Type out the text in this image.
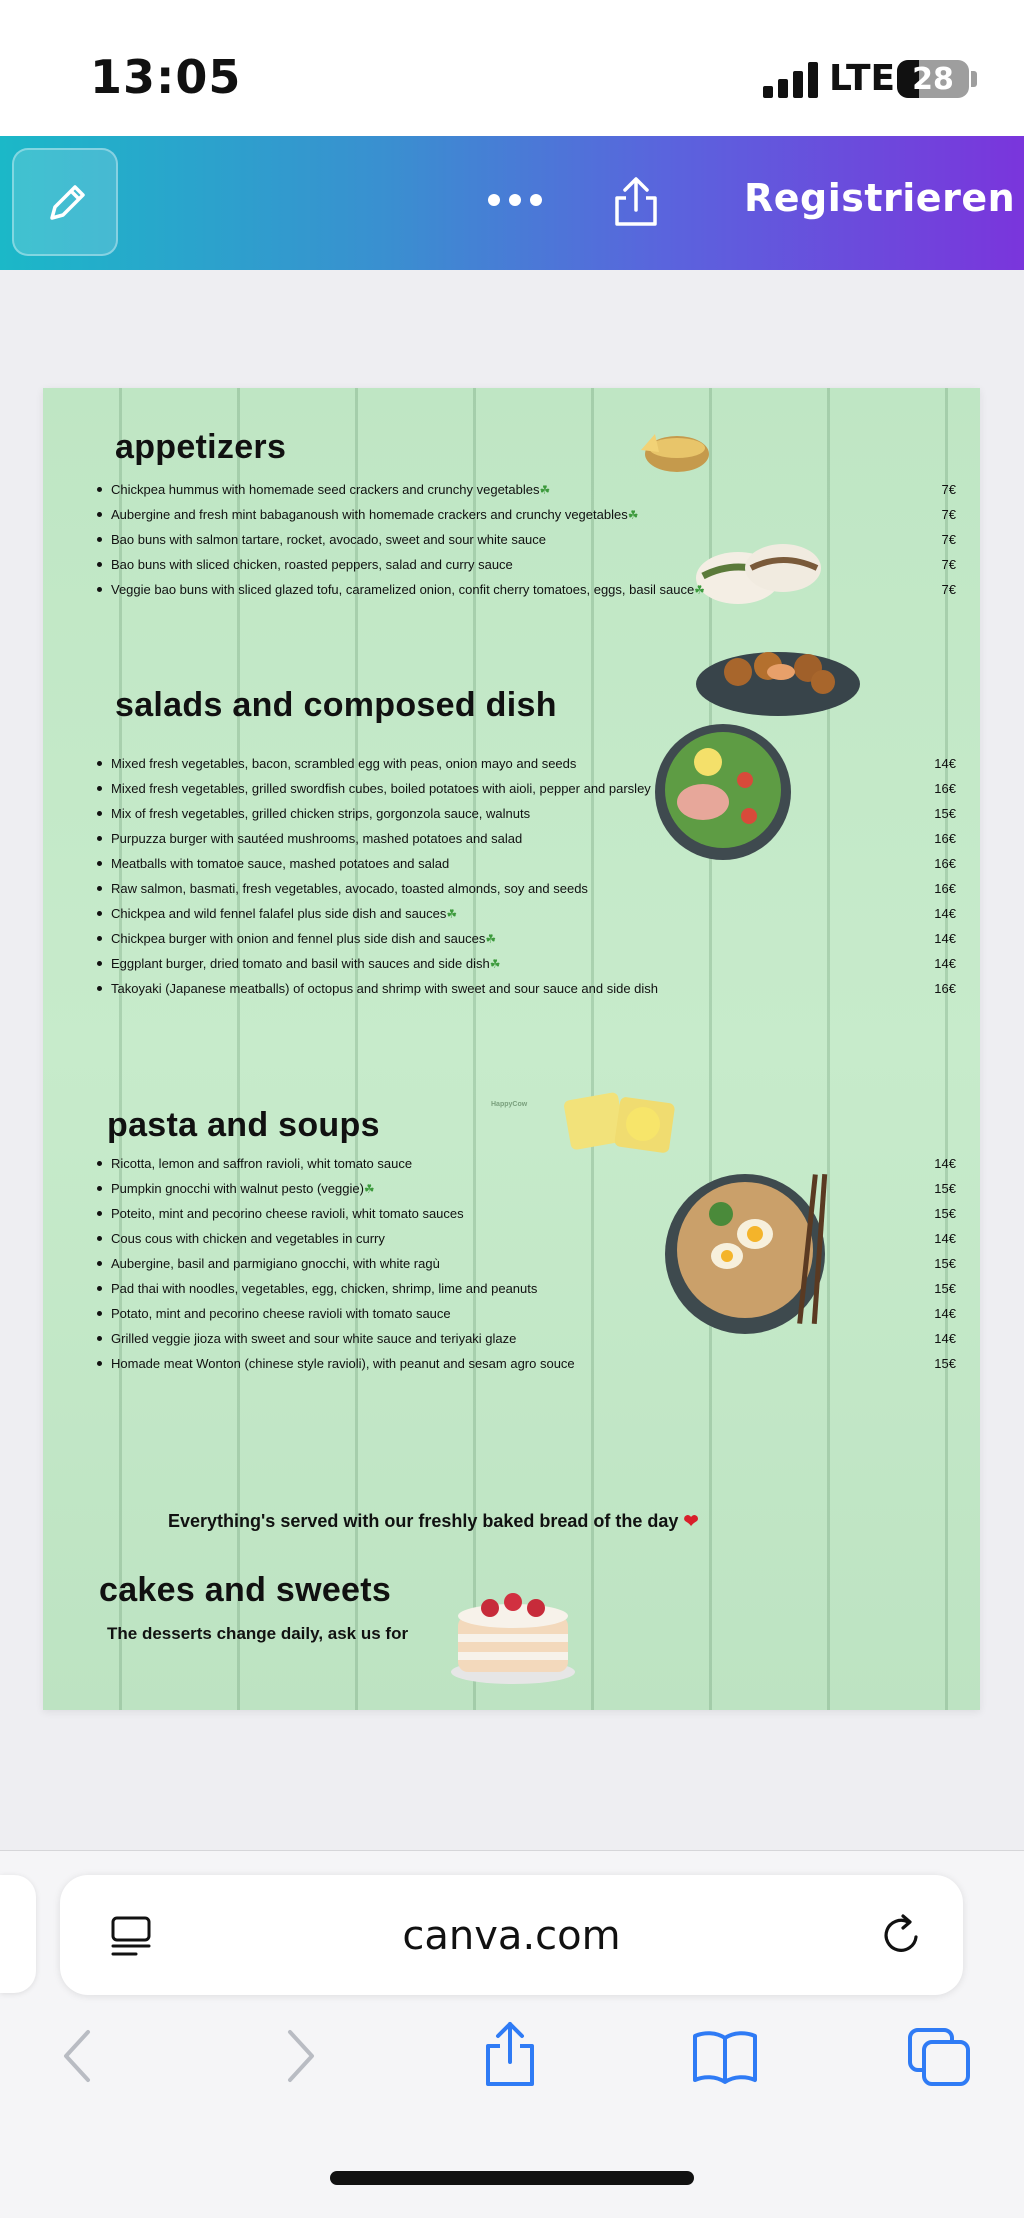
13:05	LTE 28
Registrieren
appetizers
Chickpea hummus with homemade seed crackers and crunchy vegetables☘	7€
Aubergine and fresh mint babaganoush with homemade crackers and crunchy vegetables☘	7€
Bao buns with salmon tartare, rocket, avocado, sweet and sour white sauce	7€
Bao buns with sliced chicken, roasted peppers, salad and curry sauce	7€
Veggie bao buns with sliced glazed tofu, caramelized onion, confit cherry tomatoes, eggs, basil sauce☘	7€
salads and composed dish
Mixed fresh vegetables, bacon, scrambled egg with peas, onion mayo and seeds	14€
Mixed fresh vegetables, grilled swordfish cubes, boiled potatoes with aioli, pepper and parsley	16€
Mix of fresh vegetables, grilled chicken strips, gorgonzola sauce, walnuts	15€
Purpuzza burger with sautéed mushrooms, mashed potatoes and salad	16€
Meatballs with tomatoe sauce, mashed potatoes and salad	16€
Raw salmon, basmati, fresh vegetables, avocado, toasted almonds, soy and seeds	16€
Chickpea and wild fennel falafel plus side dish and sauces☘	14€
Chickpea burger with onion and fennel plus side dish and sauces☘	14€
Eggplant burger, dried tomato and basil with sauces and side dish☘	14€
Takoyaki (Japanese meatballs) of octopus and shrimp with sweet and sour sauce and side dish	16€
pasta and soups
Ricotta, lemon and saffron ravioli, whit tomato sauce	14€
Pumpkin gnocchi with walnut pesto (veggie)☘	15€
Poteito, mint and pecorino cheese ravioli, whit tomato sauces	15€
Cous cous with chicken and vegetables in curry	14€
Aubergine, basil and parmigiano gnocchi, with white ragù	15€
Pad thai with noodles, vegetables, egg, chicken, shrimp, lime and peanuts	15€
Potato, mint and pecorino cheese ravioli with tomato sauce	14€
Grilled veggie jioza with sweet and sour white sauce and teriyaki glaze	14€
Homade meat Wonton (chinese style ravioli), with peanut and sesam agro souce	15€
HappyCow
Everything's served with our freshly baked bread of the day ❤
cakes and sweets
The desserts change daily, ask us for
canva.com
